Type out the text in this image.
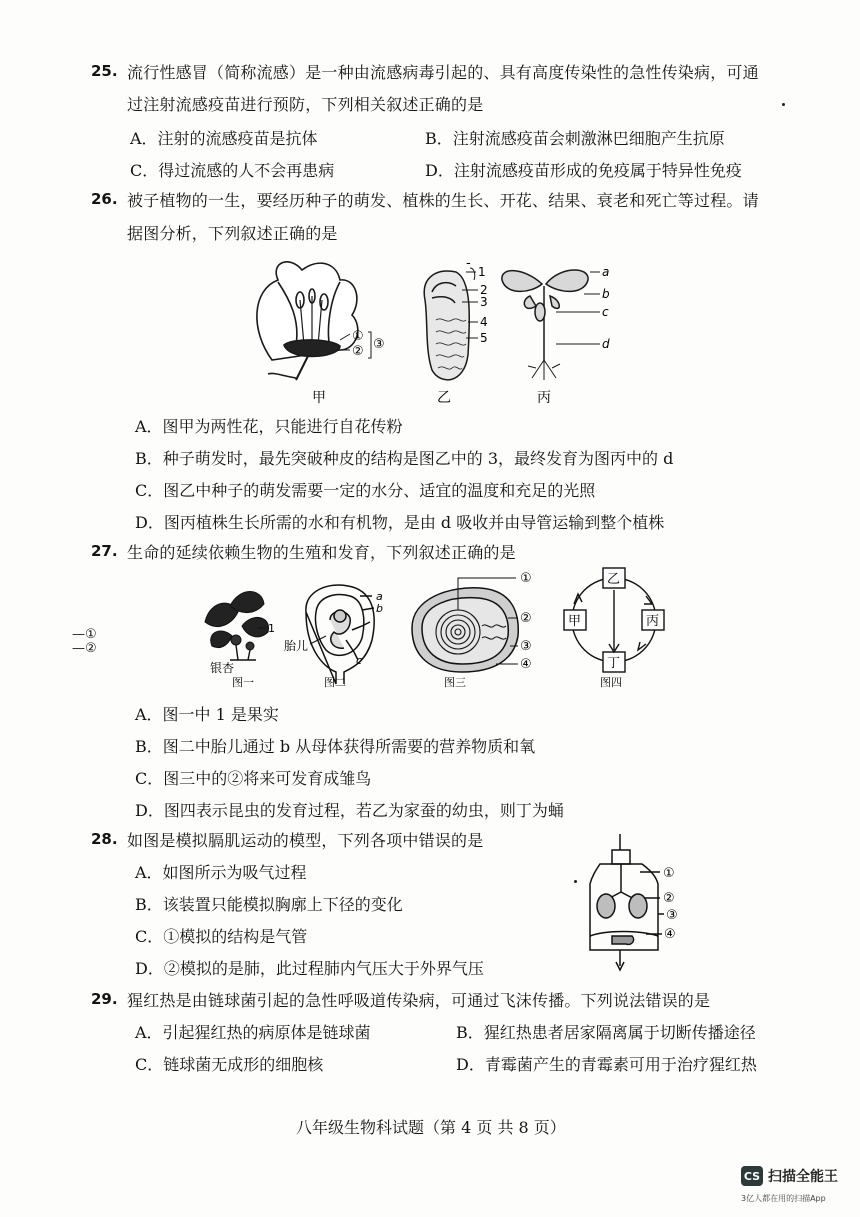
25. 流行性感冒（简称流感）是一种由流感病毒引起的、具有高度传染性的急性传染病，可通
过注射流感疫苗进行预防，下列相关叙述正确的是
A．注射的流感疫苗是抗体	B．注射流感疫苗会刺激淋巴细胞产生抗原
C．得过流感的人不会再患病	D．注射流感疫苗形成的免疫属于特异性免疫
26. 被子植物的一生，要经历种子的萌发、植株的生长、开花、结果、衰老和死亡等过程。请
据图分析，下列叙述正确的是
①
② ③
甲
-
1
2
3
4
5
乙
a
b
c
d
丙
A．图甲为两性花，只能进行自花传粉
B．种子萌发时，最先突破种皮的结构是图乙中的 3，最终发育为图丙中的 d
C．图乙中种子的萌发需要一定的水分、适宜的温度和充足的光照
D．图丙植株生长所需的水和有机物，是由 d 吸收并由导管运输到整个植株
27. 生命的延续依赖生物的生殖和发育，下列叙述正确的是
—①
—②
1
银杏
图一
a
b
c
胎儿
图二
①
②
③
④
图三
乙
甲	丙
丁
图四
A．图一中 1 是果实
B．图二中胎儿通过 b 从母体获得所需要的营养物质和氧
C．图三中的②将来可发育成雏鸟
D．图四表示昆虫的发育过程，若乙为家蚕的幼虫，则丁为蛹
28. 如图是模拟膈肌运动的模型，下列各项中错误的是
A．如图所示为吸气过程
B．该装置只能模拟胸廓上下径的变化
C．①模拟的结构是气管
D．②模拟的是肺，此过程肺内气压大于外界气压
①
②
③
④
29. 猩红热是由链球菌引起的急性呼吸道传染病，可通过飞沫传播。下列说法错误的是
A．引起猩红热的病原体是链球菌	B．猩红热患者居家隔离属于切断传播途径
C．链球菌无成形的细胞核	D．青霉菌产生的青霉素可用于治疗猩红热
八年级生物科试题（第 4 页 共 8 页）
CS 扫描全能王
3亿人都在用的扫描App
